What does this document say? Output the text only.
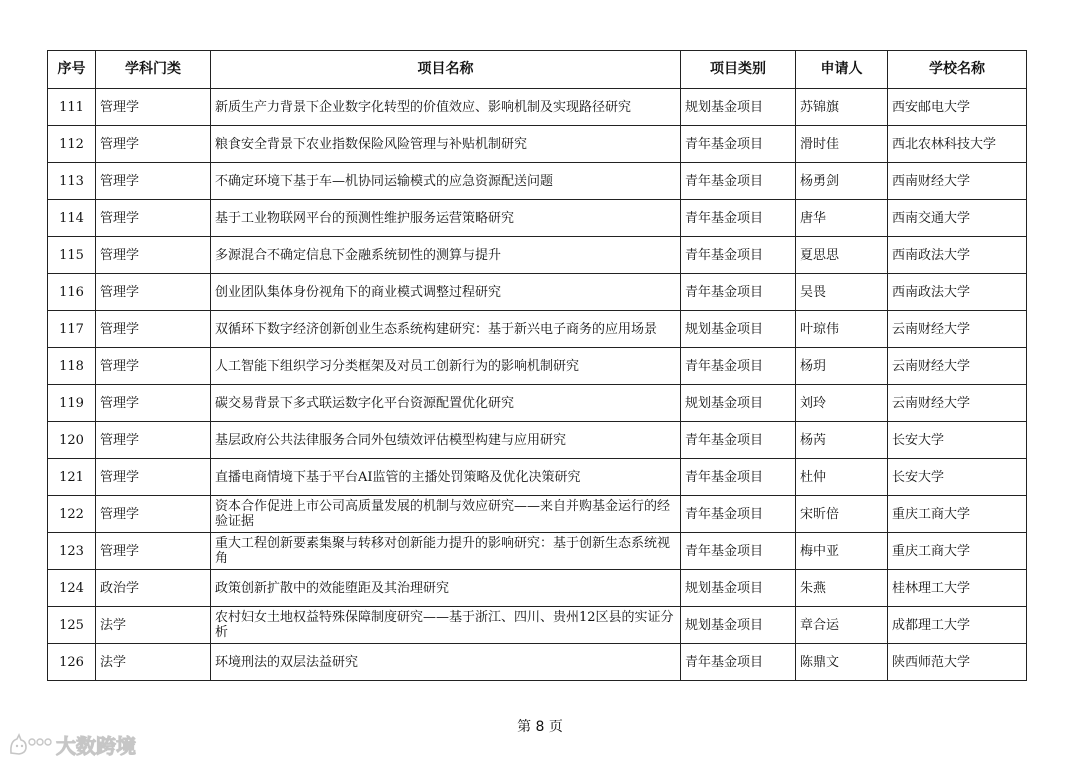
序号	学科门类	项目名称	项目类别	申请人	学校名称
111	管理学	新质生产力背景下企业数字化转型的价值效应、影响机制及实现路径研究	规划基金项目	苏锦旗	西安邮电大学
112	管理学	粮食安全背景下农业指数保险风险管理与补贴机制研究	青年基金项目	滑时佳	西北农林科技大学
113	管理学	不确定环境下基于车—机协同运输模式的应急资源配送问题	青年基金项目	杨勇剑	西南财经大学
114	管理学	基于工业物联网平台的预测性维护服务运营策略研究	青年基金项目	唐华	西南交通大学
115	管理学	多源混合不确定信息下金融系统韧性的测算与提升	青年基金项目	夏思思	西南政法大学
116	管理学	创业团队集体身份视角下的商业模式调整过程研究	青年基金项目	吴畏	西南政法大学
117	管理学	双循环下数字经济创新创业生态系统构建研究：基于新兴电子商务的应用场景	规划基金项目	叶琼伟	云南财经大学
118	管理学	人工智能下组织学习分类框架及对员工创新行为的影响机制研究	青年基金项目	杨玥	云南财经大学
119	管理学	碳交易背景下多式联运数字化平台资源配置优化研究	规划基金项目	刘玲	云南财经大学
120	管理学	基层政府公共法律服务合同外包绩效评估模型构建与应用研究	青年基金项目	杨芮	长安大学
121	管理学	直播电商情境下基于平台AI监管的主播处罚策略及优化决策研究	青年基金项目	杜仲	长安大学
122	管理学	资本合作促进上市公司高质量发展的机制与效应研究——来自并购基金运行的经验证据	青年基金项目	宋昕倍	重庆工商大学
123	管理学	重大工程创新要素集聚与转移对创新能力提升的影响研究：基于创新生态系统视角	青年基金项目	梅中亚	重庆工商大学
124	政治学	政策创新扩散中的效能堕距及其治理研究	规划基金项目	朱燕	桂林理工大学
125	法学	农村妇女土地权益特殊保障制度研究——基于浙江、四川、贵州12区县的实证分析	规划基金项目	章合运	成都理工大学
126	法学	环境刑法的双层法益研究	青年基金项目	陈鼎文	陕西师范大学
第 8 页
大数跨境
